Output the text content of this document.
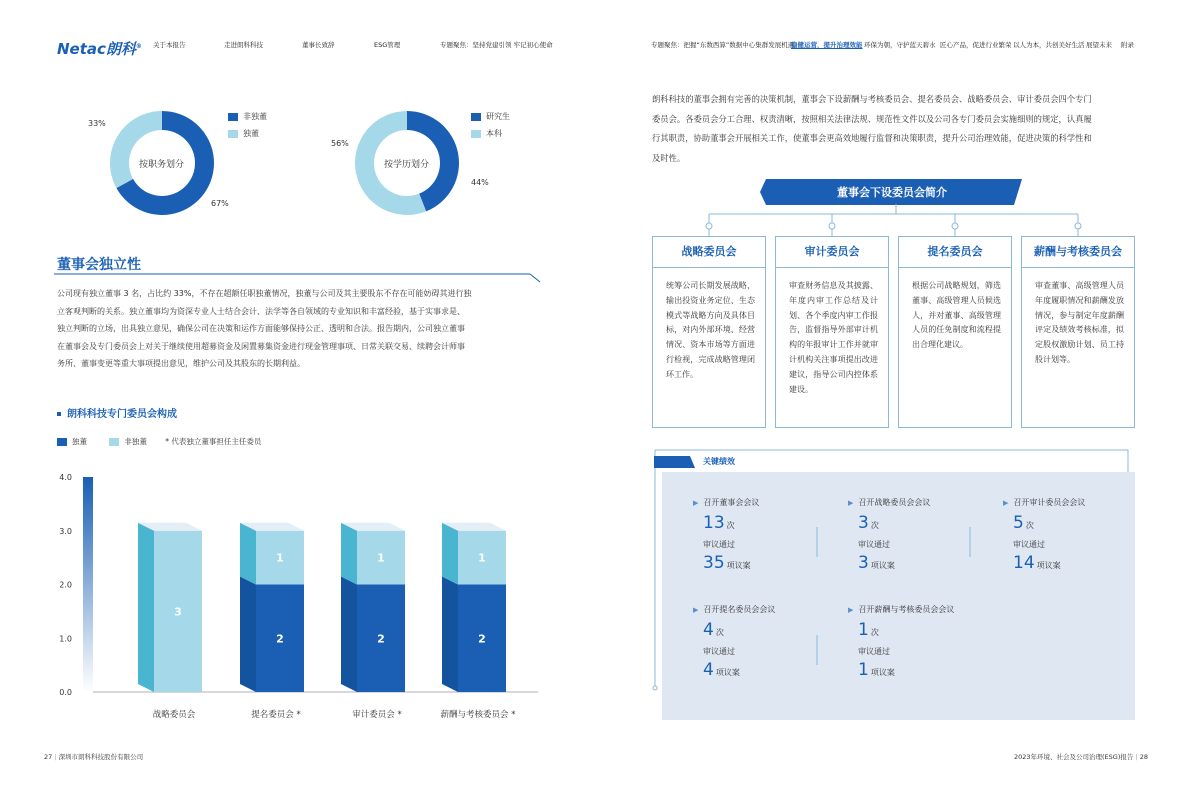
Netac朗科® 关于本报告	走进朗科科技	董事长致辞	ESG管理	专题聚焦：坚持党建引领 牢记初心使命	专题聚焦：把握“东数西算”数据中心集群发展机遇
稳健运营，提升治理效能 环保为朝，守护蓝天碧水 匠心产品，促进行业繁荣 以人为本，共创美好生活 展望未来 附录
按职务划分
33%
67%
非独董
独董
按学历划分
56%
44%
研究生
本科
董事会独立性
公司现有独立董事 3 名，占比约 33%，不存在超额任职独董情况，独董与公司及其主要股东不存在可能妨碍其进行独
立客观判断的关系。独立董事均为资深专业人士结合会计、法学等各自领域的专业知识和丰富经验，基于实事求是、
独立判断的立场，出具独立意见，确保公司在决策和运作方面能够保持公正、透明和合法。报告期内，公司独立董事
在董事会及专门委员会上对关于继续使用超募资金及闲置募集资金进行现金管理事项、日常关联交易、续聘会计师事
务所、董事变更等重大事项提出意见，维护公司及其股东的长期利益。
朗科科技专门委员会构成
独董	非独董 * 代表独立董事担任主任委员
0.0
1.0
2.0
3.0
4.0
3
战略委员会
2
1
提名委员会 *
2
1
审计委员会 *
2
1
薪酬与考核委员会 *
朗科科技的董事会拥有完善的决策机制，董事会下设薪酬与考核委员会、提名委员会、战略委员会、审计委员会四个专门
委员会。各委员会分工合理、权责清晰，按照相关法律法规、规范性文件以及公司各专门委员会实施细则的规定，认真履
行其职责，协助董事会开展相关工作，使董事会更高效地履行监督和决策职责，提升公司治理效能，促进决策的科学性和
及时性。
董事会下设委员会简介
战略委员会
统筹公司长期发展战略，输出投资业务定位、生态模式等战略方向及具体目标，对内外部环境、经营情况、资本市场等方面进行检视，完成战略管理闭环工作。
审计委员会
审查财务信息及其披露、年度内审工作总结及计划、各个季度内审工作报告，监督指导外部审计机构的年报审计工作并就审计机构关注事项提出改进建议，指导公司内控体系建设。
提名委员会
根据公司战略规划，筛选董事、高级管理人员候选人，并对董事、高级管理人员的任免制度和流程提出合理化建议。
薪酬与考核委员会
审查董事、高级管理人员年度履职情况和薪酬发放情况，参与制定年度薪酬评定及绩效考核标准，拟定股权激励计划、员工持股计划等。
关键绩效
▶ 召开董事会会议
13 次
审议通过
35 项议案
▶ 召开战略委员会会议
3 次
审议通过
3 项议案
▶ 召开审计委员会会议
5 次
审议通过
14 项议案
▶ 召开提名委员会会议
4 次
审议通过
4 项议案
▶ 召开薪酬与考核委员会会议
1 次
审议通过
1 项议案
27 | 深圳市朗科科技股份有限公司	2023年环境、社会及公司治理(ESG)报告 | 28
